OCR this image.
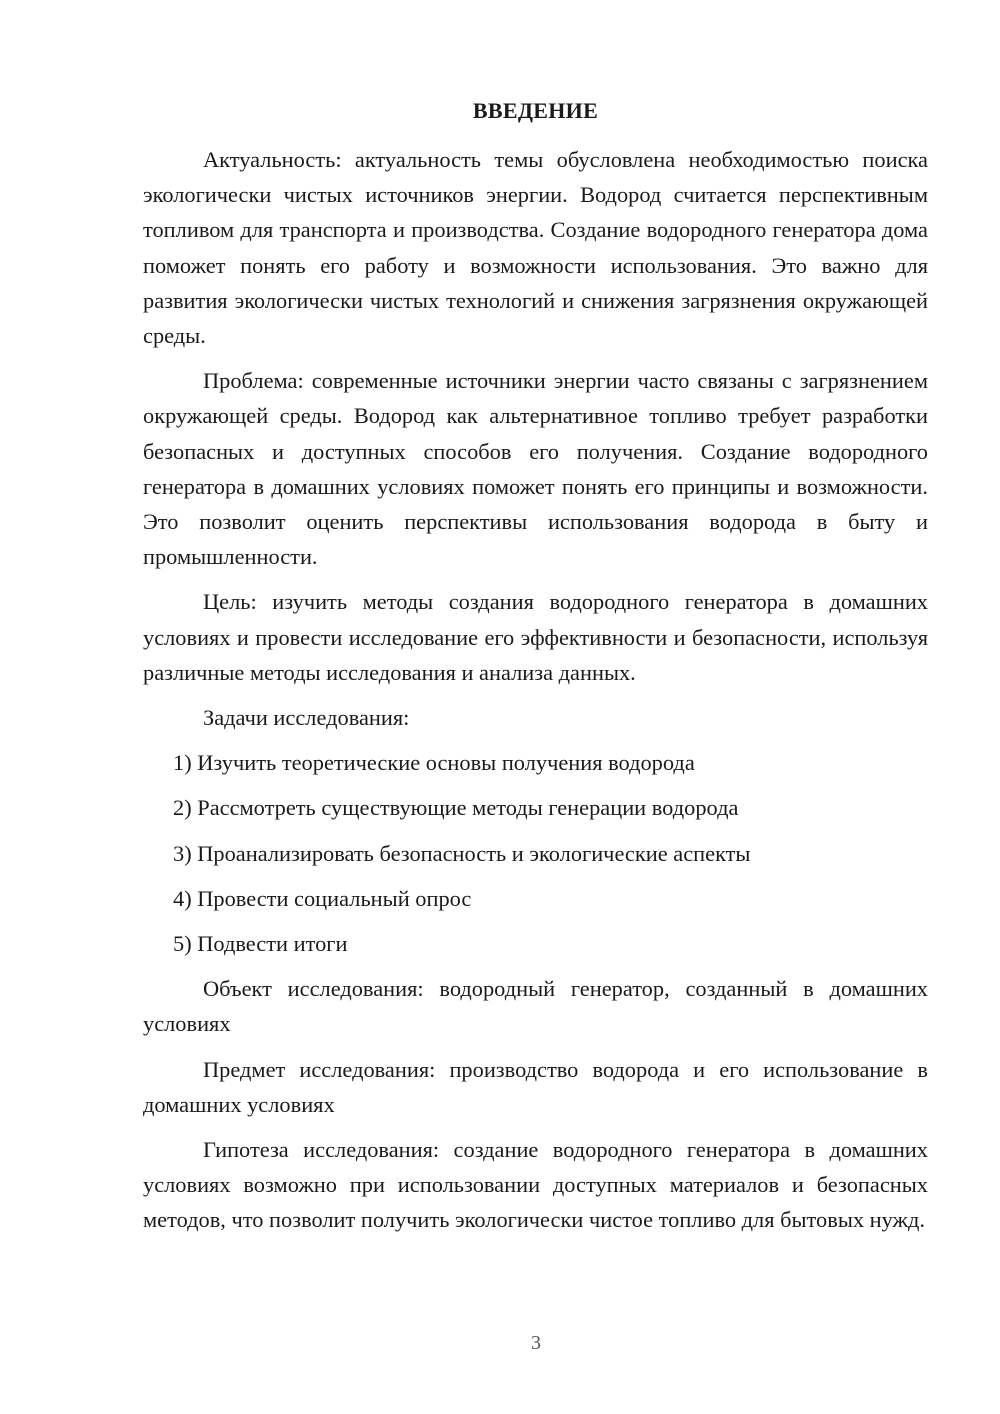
ВВЕДЕНИЕ

Актуальность: актуальность темы обусловлена необходимостью поиска экологически чистых источников энергии. Водород считается перспективным топливом для транспорта и производства. Создание водородного генератора дома поможет понять его работу и возможности использования. Это важно для развития экологически чистых технологий и снижения загрязнения окружающей среды.

Проблема: современные источники энергии часто связаны с загрязнением окружающей среды. Водород как альтернативное топливо требует разработки безопасных и доступных способов его получения. Создание водородного генератора в домашних условиях поможет понять его принципы и возможности. Это позволит оценить перспективы использования водорода в быту и промышленности.

Цель: изучить методы создания водородного генератора в домашних условиях и провести исследование его эффективности и безопасности, используя различные методы исследования и анализа данных.

Задачи исследования:

1) Изучить теоретические основы получения водорода
2) Рассмотреть существующие методы генерации водорода
3) Проанализировать безопасность и экологические аспекты
4) Провести социальный опрос
5) Подвести итоги

Объект исследования: водородный генератор, созданный в домашних условиях

Предмет исследования: производство водорода и его использование в домашних условиях

Гипотеза исследования: создание водородного генератора в домашних условиях возможно при использовании доступных материалов и безопасных методов, что позволит получить экологически чистое топливо для бытовых нужд.

3
